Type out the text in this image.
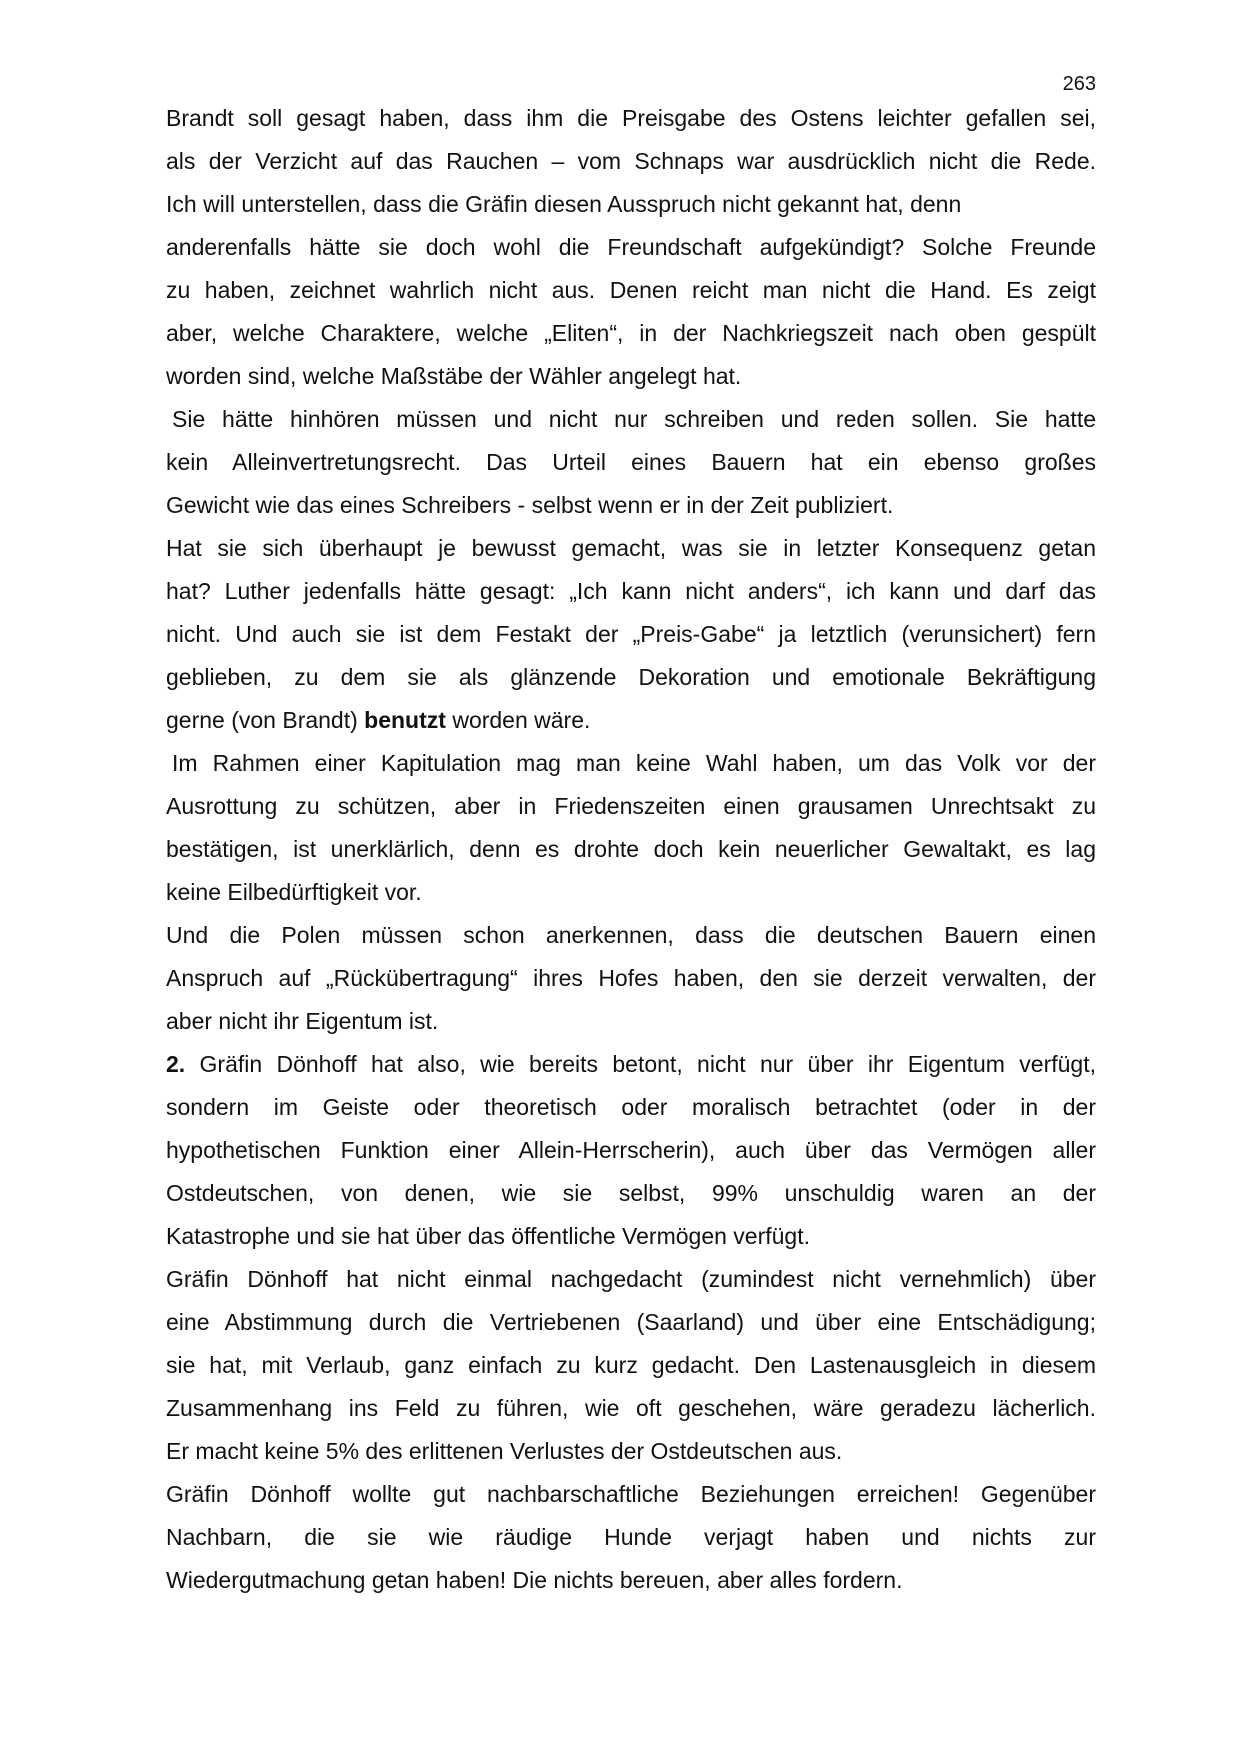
263

Brandt soll gesagt haben, dass ihm die Preisgabe des Ostens leichter gefallen sei,

als der Verzicht auf das Rauchen – vom Schnaps war ausdrücklich nicht die Rede.

Ich will unterstellen, dass die Gräfin diesen Ausspruch nicht gekannt hat, denn

anderenfalls hätte sie doch wohl die Freundschaft aufgekündigt? Solche Freunde

zu haben, zeichnet wahrlich nicht aus. Denen reicht man nicht die Hand. Es zeigt

aber, welche Charaktere, welche „Eliten“, in der Nachkriegszeit nach oben gespült

worden sind, welche Maßstäbe der Wähler angelegt hat.

Sie hätte hinhören müssen und nicht nur schreiben und reden sollen. Sie hatte

kein Alleinvertretungsrecht. Das Urteil eines Bauern hat ein ebenso großes

Gewicht wie das eines Schreibers - selbst wenn er in der Zeit publiziert.

Hat sie sich überhaupt je bewusst gemacht, was sie in letzter Konsequenz getan

hat? Luther jedenfalls hätte gesagt: „Ich kann nicht anders“, ich kann und darf das

nicht. Und auch sie ist dem Festakt der „Preis-Gabe“ ja letztlich (verunsichert) fern

geblieben, zu dem sie als glänzende Dekoration und emotionale Bekräftigung

gerne (von Brandt) benutzt worden wäre.

Im Rahmen einer Kapitulation mag man keine Wahl haben, um das Volk vor der

Ausrottung zu schützen, aber in Friedenszeiten einen grausamen Unrechtsakt zu

bestätigen, ist unerklärlich, denn es drohte doch kein neuerlicher Gewaltakt, es lag

keine Eilbedürftigkeit vor.

Und die Polen müssen schon anerkennen, dass die deutschen Bauern einen

Anspruch auf „Rückübertragung“ ihres Hofes haben, den sie derzeit verwalten, der

aber nicht ihr Eigentum ist.

2. Gräfin Dönhoff hat also, wie bereits betont, nicht nur über ihr Eigentum verfügt,

sondern im Geiste oder theoretisch oder moralisch betrachtet (oder in der

hypothetischen Funktion einer Allein-Herrscherin), auch über das Vermögen aller

Ostdeutschen, von denen, wie sie selbst, 99% unschuldig waren an der

Katastrophe und sie hat über das öffentliche Vermögen verfügt.

Gräfin Dönhoff hat nicht einmal nachgedacht (zumindest nicht vernehmlich) über

eine Abstimmung durch die Vertriebenen (Saarland) und über eine Entschädigung;

sie hat, mit Verlaub, ganz einfach zu kurz gedacht. Den Lastenausgleich in diesem

Zusammenhang ins Feld zu führen, wie oft geschehen, wäre geradezu lächerlich.

Er macht keine 5% des erlittenen Verlustes der Ostdeutschen aus.

Gräfin Dönhoff wollte gut nachbarschaftliche Beziehungen erreichen! Gegenüber

Nachbarn, die sie wie räudige Hunde verjagt haben und nichts zur

Wiedergutmachung getan haben! Die nichts bereuen, aber alles fordern.
